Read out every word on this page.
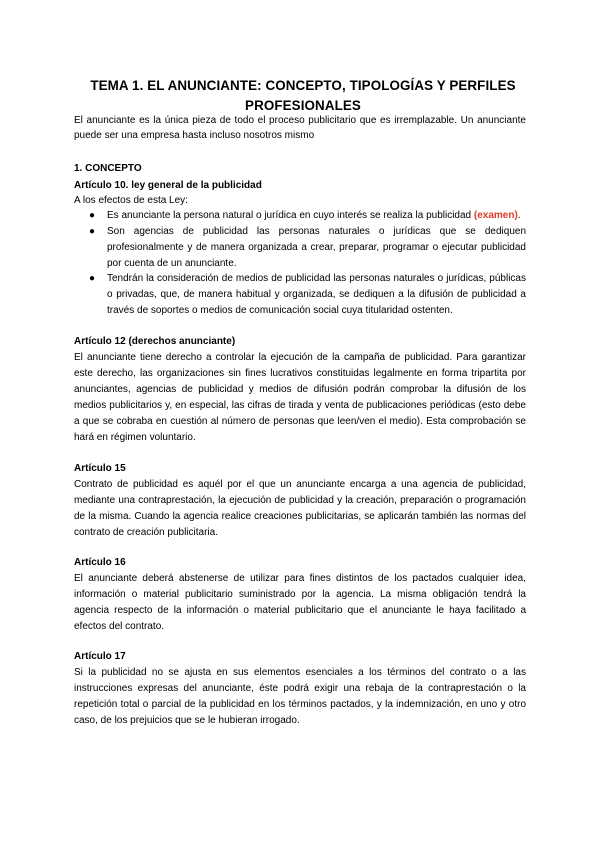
TEMA 1. EL ANUNCIANTE: CONCEPTO, TIPOLOGÍAS Y PERFILES
PROFESIONALES
El anunciante es la única pieza de todo el proceso publicitario que es irremplazable. Un anunciante
puede ser una empresa hasta incluso nosotros mismo
1. CONCEPTO
Artículo 10. ley general de la publicidad
A los efectos de esta Ley:
● Es anunciante la persona natural o jurídica en cuyo interés se realiza la publicidad (examen).
● Son agencias de publicidad las personas naturales o jurídicas que se dediquen
profesionalmente y de manera organizada a crear, preparar, programar o ejecutar publicidad
por cuenta de un anunciante.
● Tendrán la consideración de medios de publicidad las personas naturales o jurídicas, públicas
o privadas, que, de manera habitual y organizada, se dediquen a la difusión de publicidad a
través de soportes o medios de comunicación social cuya titularidad ostenten.
Artículo 12 (derechos anunciante)
El anunciante tiene derecho a controlar la ejecución de la campaña de publicidad. Para garantizar
este derecho, las organizaciones sin fines lucrativos constituidas legalmente en forma tripartita por
anunciantes, agencias de publicidad y medios de difusión podrán comprobar la difusión de los
medios publicitarios y, en especial, las cifras de tirada y venta de publicaciones periódicas (esto debe
a que se cobraba en cuestión al número de personas que leen/ven el medio). Esta comprobación se
hará en régimen voluntario.
Artículo 15
Contrato de publicidad es aquél por el que un anunciante encarga a una agencia de publicidad,
mediante una contraprestación, la ejecución de publicidad y la creación, preparación o programación
de la misma. Cuando la agencia realice creaciones publicitarias, se aplicarán también las normas del
contrato de creación publicitaria.
Artículo 16
El anunciante deberá abstenerse de utilizar para fines distintos de los pactados cualquier idea,
información o material publicitario suministrado por la agencia. La misma obligación tendrá la
agencia respecto de la información o material publicitario que el anunciante le haya facilitado a
efectos del contrato.
Artículo 17
Si la publicidad no se ajusta en sus elementos esenciales a los términos del contrato o a las
instrucciones expresas del anunciante, éste podrá exigir una rebaja de la contraprestación o la
repetición total o parcial de la publicidad en los términos pactados, y la indemnización, en uno y otro
caso, de los prejuicios que se le hubieran irrogado.
